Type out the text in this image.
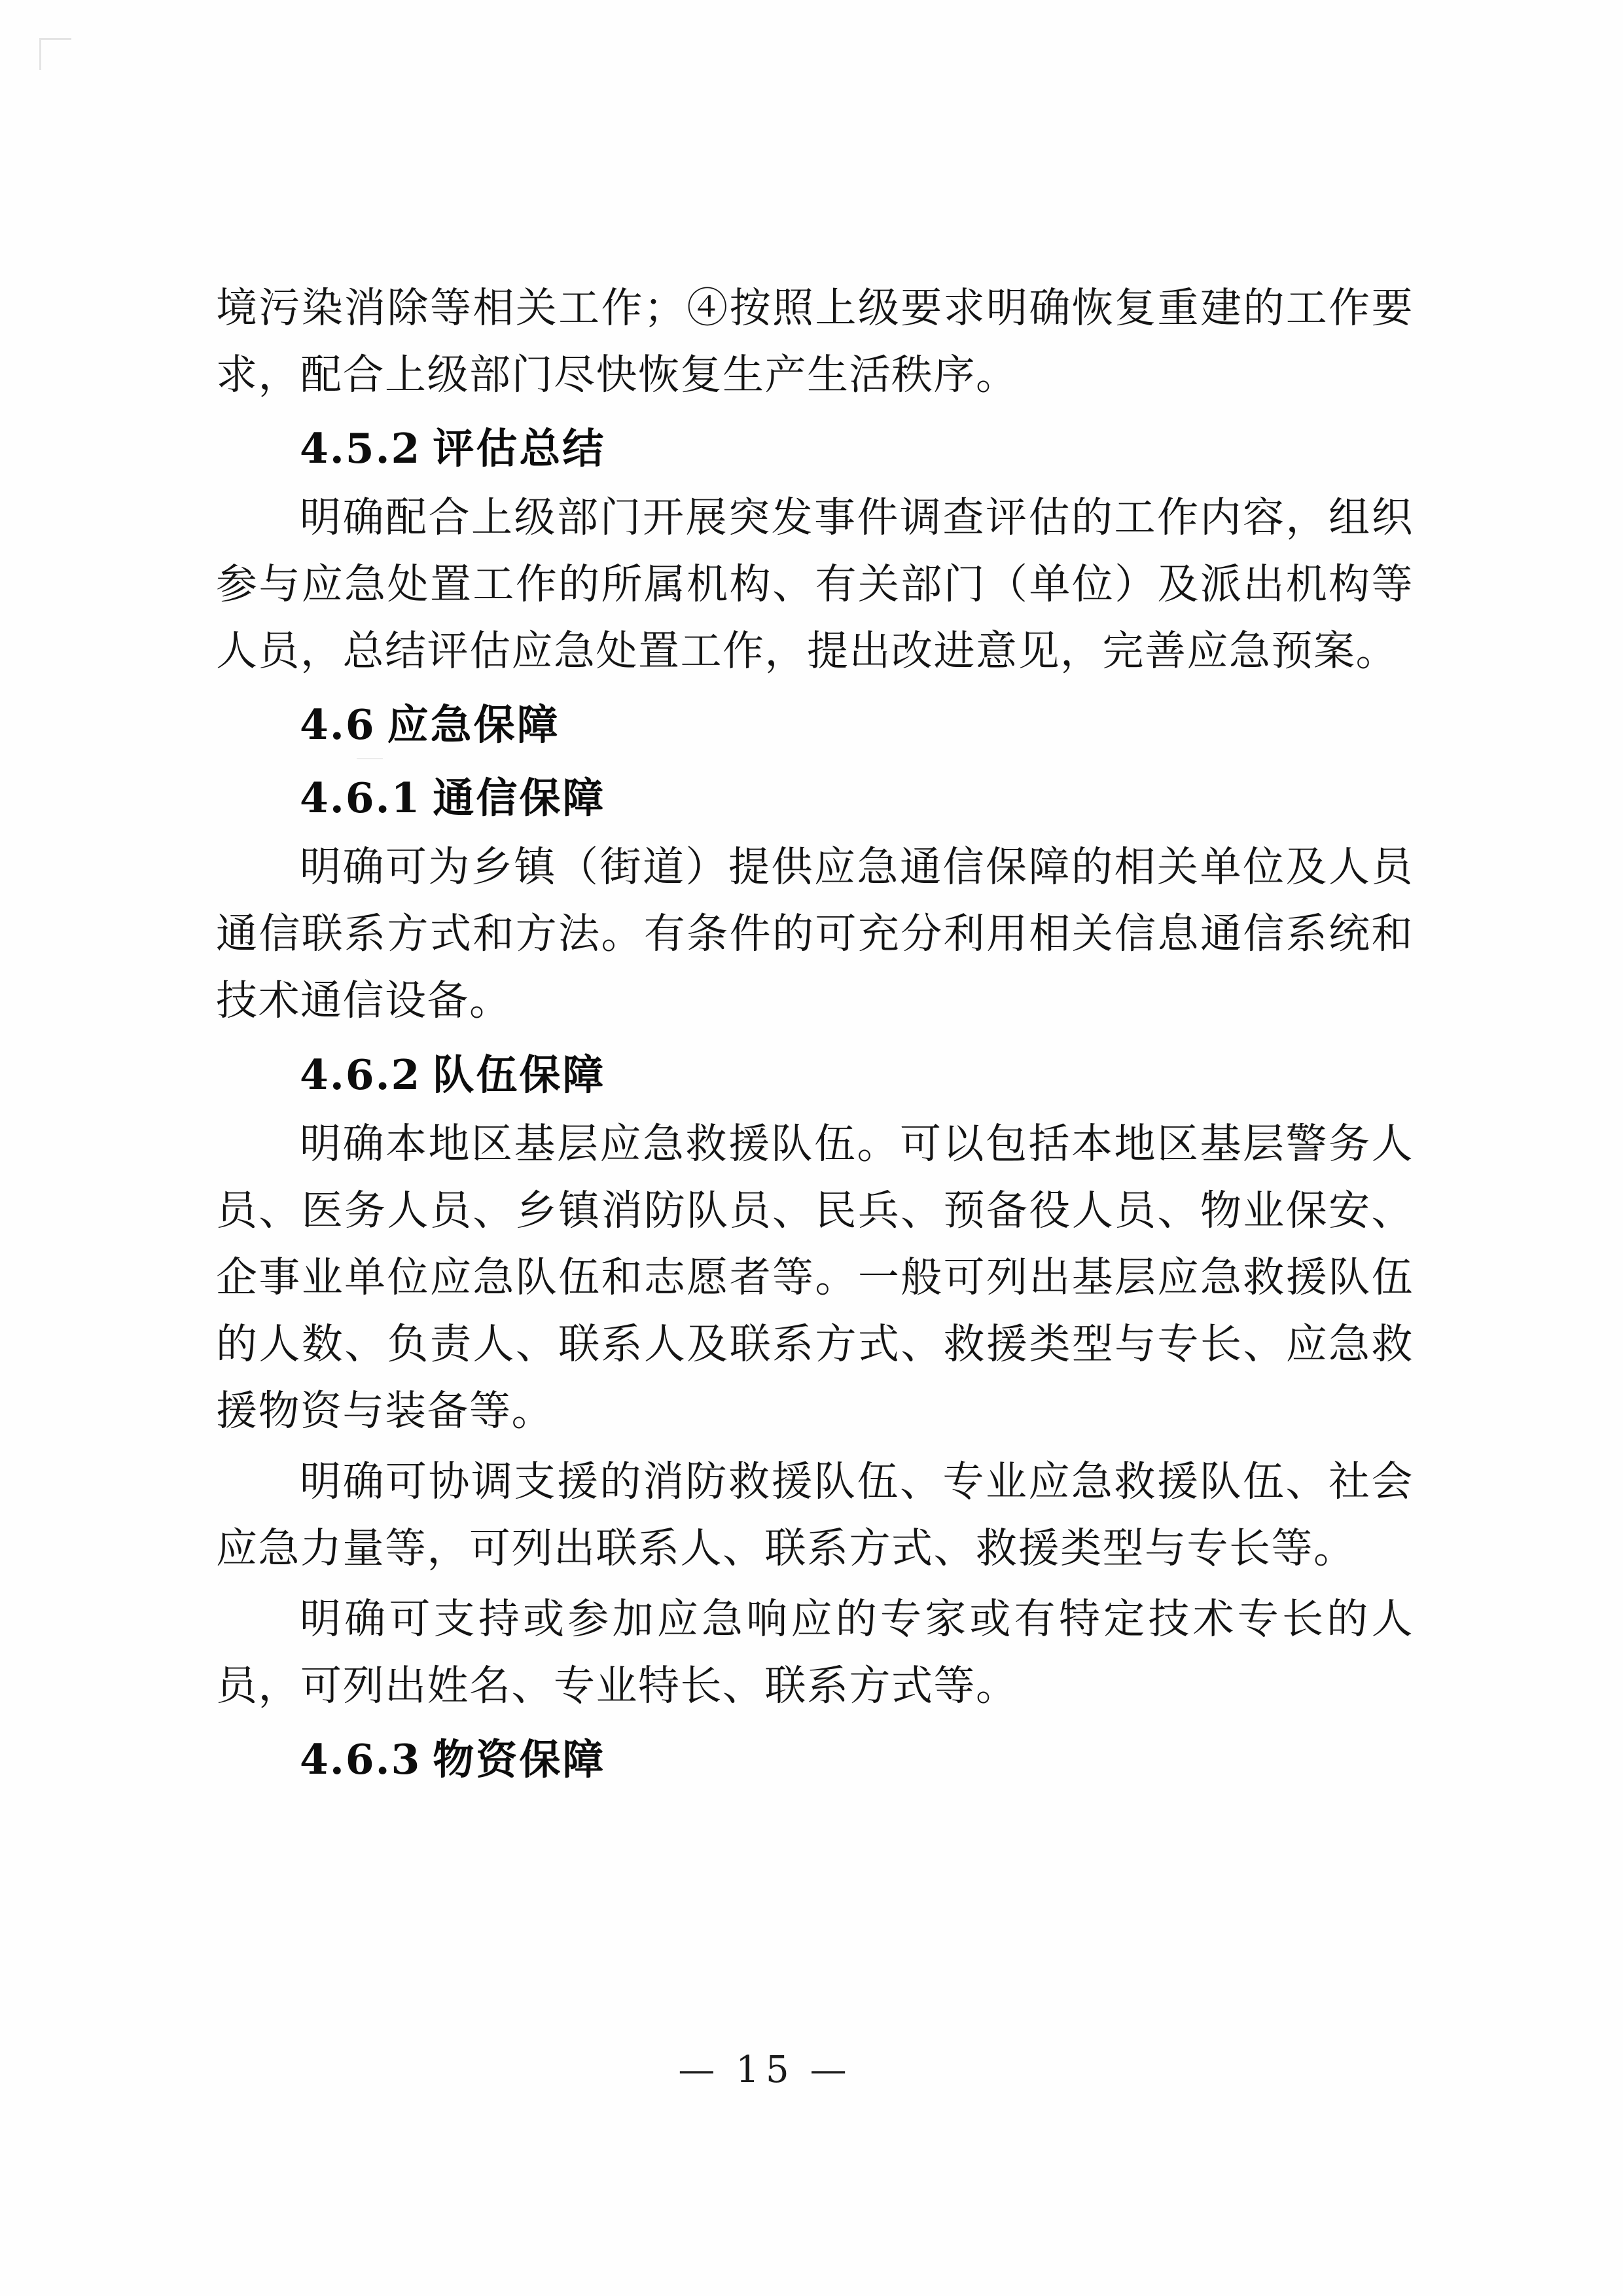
境污染消除等相关工作；④按照上级要求明确恢复重建的工作要求，配合上级部门尽快恢复生产生活秩序。

4.5.2 评估总结

明确配合上级部门开展突发事件调查评估的工作内容，组织参与应急处置工作的所属机构、有关部门（单位）及派出机构等人员，总结评估应急处置工作，提出改进意见，完善应急预案。

4.6 应急保障

4.6.1 通信保障

明确可为乡镇（街道）提供应急通信保障的相关单位及人员通信联系方式和方法。有条件的可充分利用相关信息通信系统和技术通信设备。

4.6.2 队伍保障

明确本地区基层应急救援队伍。可以包括本地区基层警务人员、医务人员、乡镇消防队员、民兵、预备役人员、物业保安、企事业单位应急队伍和志愿者等。一般可列出基层应急救援队伍的人数、负责人、联系人及联系方式、救援类型与专长、应急救援物资与装备等。

明确可协调支援的消防救援队伍、专业应急救援队伍、社会应急力量等，可列出联系人、联系方式、救援类型与专长等。

明确可支持或参加应急响应的专家或有特定技术专长的人员，可列出姓名、专业特长、联系方式等。

4.6.3 物资保障

— 15 —
